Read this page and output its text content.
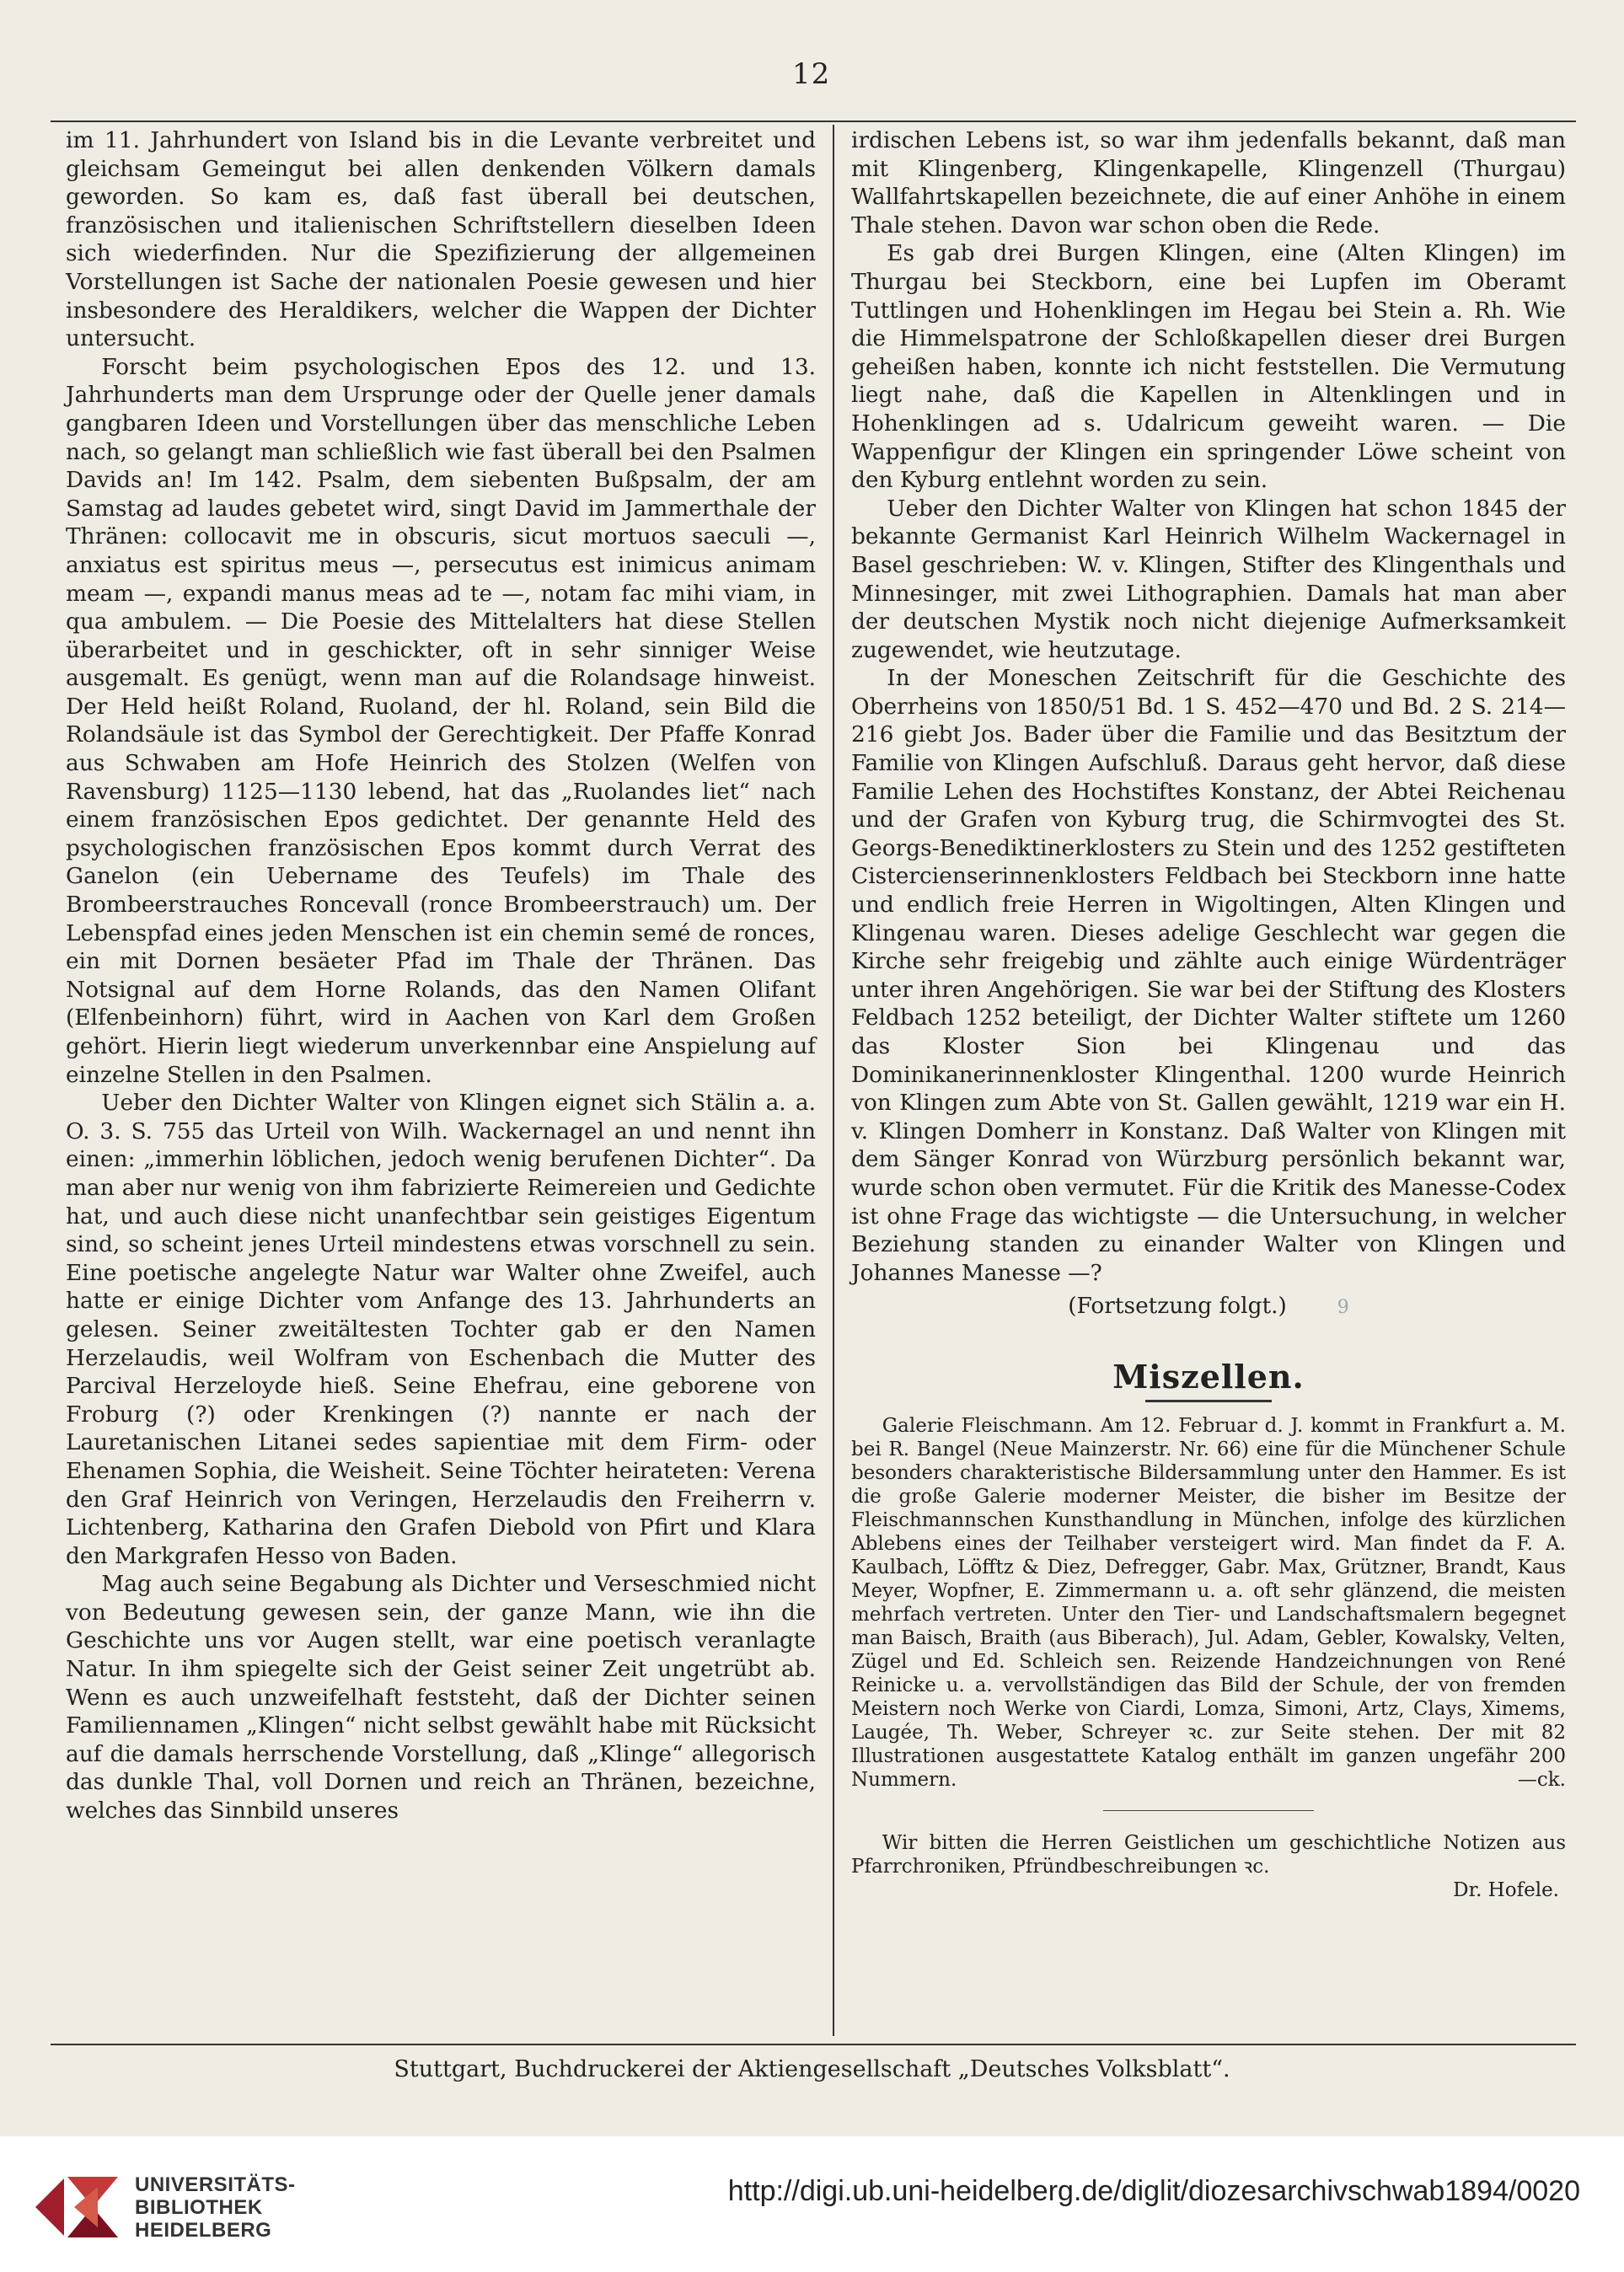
12

im 11. Jahrhundert von Island bis in die Levante verbreitet und gleichsam Gemeingut bei allen denkenden Völkern damals geworden. So kam es, daß fast überall bei deutschen, französischen und italienischen Schriftstellern dieselben Ideen sich wiederfinden. Nur die Spezifizierung der allgemeinen Vorstellungen ist Sache der nationalen Poesie gewesen und hier insbesondere des Heraldikers, welcher die Wappen der Dichter untersucht.

Forscht beim psychologischen Epos des 12. und 13. Jahrhunderts man dem Ursprunge oder der Quelle jener damals gangbaren Ideen und Vorstellungen über das menschliche Leben nach, so gelangt man schließlich wie fast überall bei den Psalmen Davids an! Im 142. Psalm, dem siebenten Bußpsalm, der am Samstag ad laudes gebetet wird, singt David im Jammerthale der Thränen: collocavit me in obscuris, sicut mortuos saeculi —, anxiatus est spiritus meus —, persecutus est inimicus animam meam —, expandi manus meas ad te —, notam fac mihi viam, in qua ambulem. — Die Poesie des Mittelalters hat diese Stellen überarbeitet und in geschickter, oft in sehr sinniger Weise ausgemalt. Es genügt, wenn man auf die Rolandsage hinweist. Der Held heißt Roland, Ruoland, der hl. Roland, sein Bild die Rolandsäule ist das Symbol der Gerechtigkeit. Der Pfaffe Konrad aus Schwaben am Hofe Heinrich des Stolzen (Welfen von Ravensburg) 1125—1130 lebend, hat das „Ruolandes liet“ nach einem französischen Epos gedichtet. Der genannte Held des psychologischen französischen Epos kommt durch Verrat des Ganelon (ein Uebername des Teufels) im Thale des Brombeerstrauches Roncevall (ronce Brombeerstrauch) um. Der Lebenspfad eines jeden Menschen ist ein chemin semé de ronces, ein mit Dornen besäeter Pfad im Thale der Thränen. Das Notsignal auf dem Horne Rolands, das den Namen Olifant (Elfenbeinhorn) führt, wird in Aachen von Karl dem Großen gehört. Hierin liegt wiederum unverkennbar eine Anspielung auf einzelne Stellen in den Psalmen.

Ueber den Dichter Walter von Klingen eignet sich Stälin a. a. O. 3. S. 755 das Urteil von Wilh. Wackernagel an und nennt ihn einen: „immerhin löblichen, jedoch wenig berufenen Dichter“. Da man aber nur wenig von ihm fabrizierte Reimereien und Gedichte hat, und auch diese nicht unanfechtbar sein geistiges Eigentum sind, so scheint jenes Urteil mindestens etwas vorschnell zu sein. Eine poetische angelegte Natur war Walter ohne Zweifel, auch hatte er einige Dichter vom Anfange des 13. Jahrhunderts an gelesen. Seiner zweitältesten Tochter gab er den Namen Herzelaudis, weil Wolfram von Eschenbach die Mutter des Parcival Herzeloyde hieß. Seine Ehefrau, eine geborene von Froburg (?) oder Krenkingen (?) nannte er nach der Lauretanischen Litanei sedes sapientiae mit dem Firm- oder Ehenamen Sophia, die Weisheit. Seine Töchter heirateten: Verena den Graf Heinrich von Veringen, Herzelaudis den Freiherrn v. Lichtenberg, Katharina den Grafen Diebold von Pfirt und Klara den Markgrafen Hesso von Baden.

Mag auch seine Begabung als Dichter und Verseschmied nicht von Bedeutung gewesen sein, der ganze Mann, wie ihn die Geschichte uns vor Augen stellt, war eine poetisch veranlagte Natur. In ihm spiegelte sich der Geist seiner Zeit ungetrübt ab. Wenn es auch unzweifelhaft feststeht, daß der Dichter seinen Familiennamen „Klingen“ nicht selbst gewählt habe mit Rücksicht auf die damals herrschende Vorstellung, daß „Klinge“ allegorisch das dunkle Thal, voll Dornen und reich an Thränen, bezeichne, welches das Sinnbild unseres

irdischen Lebens ist, so war ihm jedenfalls bekannt, daß man mit Klingenberg, Klingenkapelle, Klingenzell (Thurgau) Wallfahrtskapellen bezeichnete, die auf einer Anhöhe in einem Thale stehen. Davon war schon oben die Rede.

Es gab drei Burgen Klingen, eine (Alten Klingen) im Thurgau bei Steckborn, eine bei Lupfen im Oberamt Tuttlingen und Hohenklingen im Hegau bei Stein a. Rh. Wie die Himmelspatrone der Schloßkapellen dieser drei Burgen geheißen haben, konnte ich nicht feststellen. Die Vermutung liegt nahe, daß die Kapellen in Altenklingen und in Hohenklingen ad s. Udalricum geweiht waren. — Die Wappenfigur der Klingen ein springender Löwe scheint von den Kyburg entlehnt worden zu sein.

Ueber den Dichter Walter von Klingen hat schon 1845 der bekannte Germanist Karl Heinrich Wilhelm Wackernagel in Basel geschrieben: W. v. Klingen, Stifter des Klingenthals und Minnesinger, mit zwei Lithographien. Damals hat man aber der deutschen Mystik noch nicht diejenige Aufmerksamkeit zugewendet, wie heutzutage.

In der Moneschen Zeitschrift für die Geschichte des Oberrheins von 1850/51 Bd. 1 S. 452—470 und Bd. 2 S. 214—216 giebt Jos. Bader über die Familie und das Besitztum der Familie von Klingen Aufschluß. Daraus geht hervor, daß diese Familie Lehen des Hochstiftes Konstanz, der Abtei Reichenau und der Grafen von Kyburg trug, die Schirmvogtei des St. Georgs-Benediktinerklosters zu Stein und des 1252 gestifteten Cistercienserinnenklosters Feldbach bei Steckborn inne hatte und endlich freie Herren in Wigoltingen, Alten Klingen und Klingenau waren. Dieses adelige Geschlecht war gegen die Kirche sehr freigebig und zählte auch einige Würdenträger unter ihren Angehörigen. Sie war bei der Stiftung des Klosters Feldbach 1252 beteiligt, der Dichter Walter stiftete um 1260 das Kloster Sion bei Klingenau und das Dominikanerinnenkloster Klingenthal. 1200 wurde Heinrich von Klingen zum Abte von St. Gallen gewählt, 1219 war ein H. v. Klingen Domherr in Konstanz. Daß Walter von Klingen mit dem Sänger Konrad von Würzburg persönlich bekannt war, wurde schon oben vermutet. Für die Kritik des Manesse-Codex ist ohne Frage das wichtigste — die Untersuchung, in welcher Beziehung standen zu einander Walter von Klingen und Johannes Manesse —?

(Fortsetzung folgt.)	9

Miszellen.

Galerie Fleischmann. Am 12. Februar d. J. kommt in Frankfurt a. M. bei R. Bangel (Neue Mainzerstr. Nr. 66) eine für die Münchener Schule besonders charakteristische Bildersammlung unter den Hammer. Es ist die große Galerie moderner Meister, die bisher im Besitze der Fleischmannschen Kunsthandlung in München, infolge des kürzlichen Ablebens eines der Teilhaber versteigert wird. Man findet da F. A. Kaulbach, Löfftz & Diez, Defregger, Gabr. Max, Grützner, Brandt, Kaus Meyer, Wopfner, E. Zimmermann u. a. oft sehr glänzend, die meisten mehrfach vertreten. Unter den Tier- und Landschaftsmalern begegnet man Baisch, Braith (aus Biberach), Jul. Adam, Gebler, Kowalsky, Velten, Zügel und Ed. Schleich sen. Reizende Handzeichnungen von René Reinicke u. a. vervollständigen das Bild der Schule, der von fremden Meistern noch Werke von Ciardi, Lomza, Simoni, Artz, Clays, Ximems, Laugée, Th. Weber, Schreyer ꝛc. zur Seite stehen. Der mit 82 Illustrationen ausgestattete Katalog enthält im ganzen ungefähr 200 Nummern.	—ck.

Wir bitten die Herren Geistlichen um geschichtliche Notizen aus Pfarrchroniken, Pfründbeschreibungen ꝛc.

Dr. Hofele.

Stuttgart, Buchdruckerei der Aktiengesellschaft „Deutsches Volksblatt“.
UNIVERSITÄTS-
BIBLIOTHEK
HEIDELBERG
http://digi.ub.uni-heidelberg.de/diglit/diozesarchivschwab1894/0020
